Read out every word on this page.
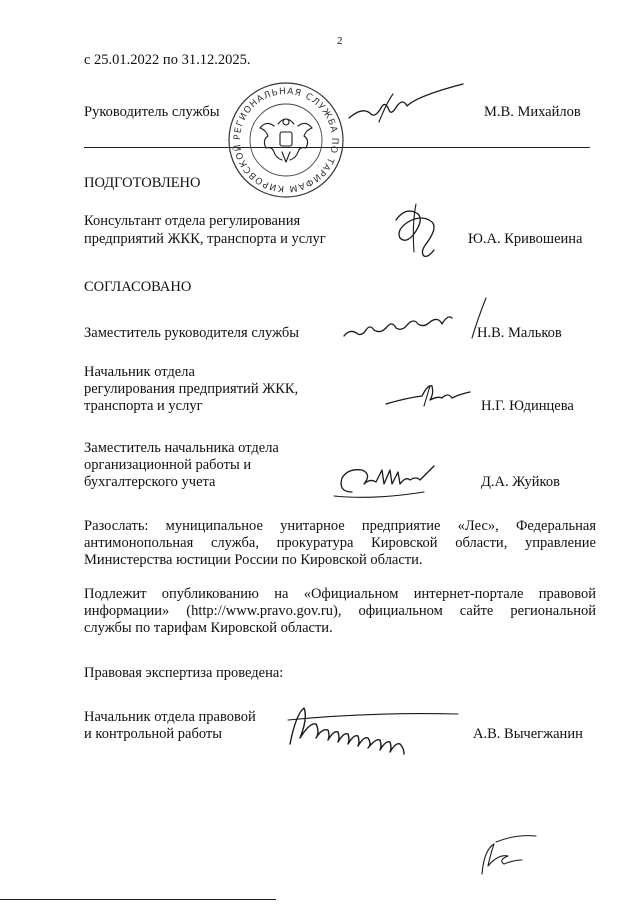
2
с 25.01.2022 по 31.12.2025.
Руководитель службы	М.В. Михайлов
РЕГИОНАЛЬНАЯ СЛУЖБА ПО ТАРИФАМ КИРОВСКОЙ ОБЛАСТИ
ПОДГОТОВЛЕНО
Консультант отдела регулирования
предприятий ЖКК, транспорта и услуг	Ю.А. Кривошеина
СОГЛАСОВАНО
Заместитель руководителя службы	Н.В. Мальков
Начальник отдела
регулирования предприятий ЖКК,
транспорта и услуг	Н.Г. Юдинцева
Заместитель начальника отдела
организационной работы и
бухгалтерского учета	Д.А. Жуйков
Разослать: муниципальное унитарное предприятие «Лес», Федеральная
антимонопольная служба, прокуратура Кировской области, управление
Министерства юстиции России по Кировской области.
Подлежит опубликованию на «Официальном интернет-портале правовой
информации» (http://www.pravo.gov.ru), официальном сайте региональной
службы по тарифам Кировской области.
Правовая экспертиза проведена:
Начальник отдела правовой
и контрольной работы	А.В. Вычегжанин
